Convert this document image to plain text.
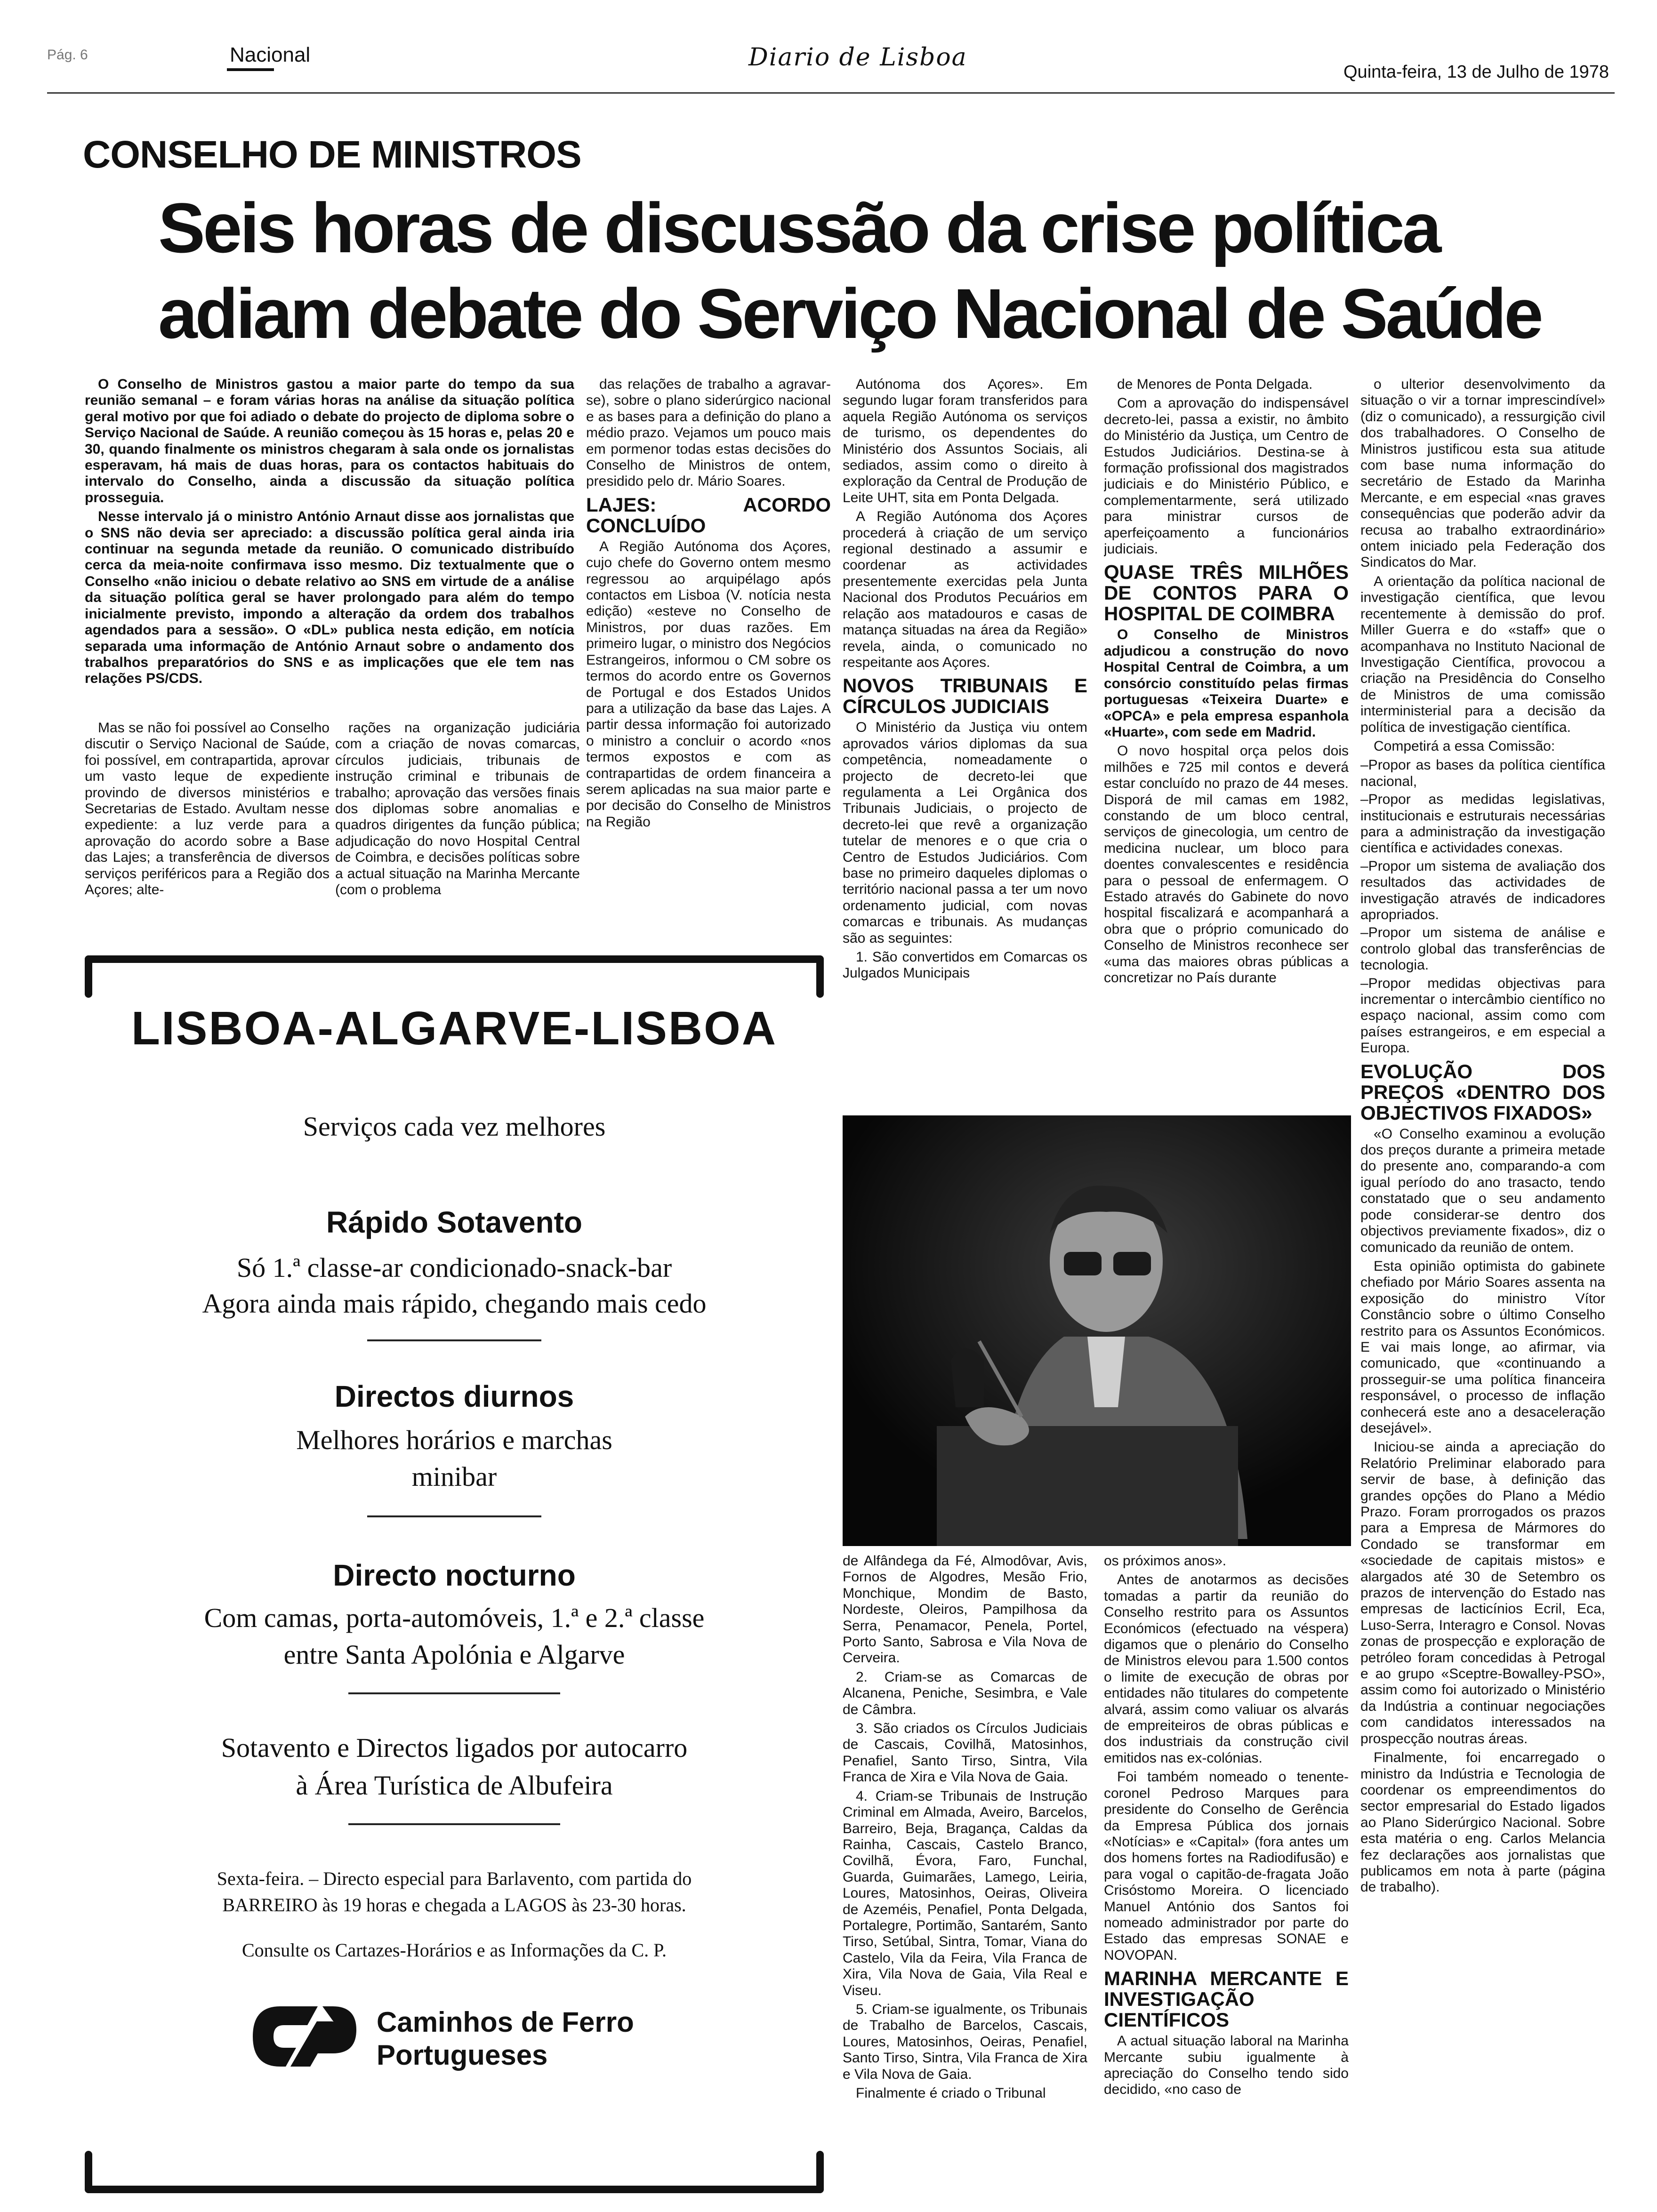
Pág. 6	Nacional	Diario de Lisboa
Quinta-feira, 13 de Julho de 1978
CONSELHO DE MINISTROS
Seis horas de discussão da crise política
adiam debate do Serviço Nacional de Saúde

O Conselho de Ministros gastou a maior parte do tempo da sua reunião semanal – e foram várias horas na análise da situação política geral motivo por que foi adiado o debate do projecto de diploma sobre o Serviço Nacional de Saúde. A reunião começou às 15 horas e, pelas 20 e 30, quando finalmente os ministros chegaram à sala onde os jornalistas esperavam, há mais de duas horas, para os contactos habituais do intervalo do Conselho, ainda a discussão da situação política prosseguia.

Nesse intervalo já o ministro António Arnaut disse aos jornalistas que o SNS não devia ser apreciado: a discussão política geral ainda iria continuar na segunda metade da reunião. O comunicado distribuído cerca da meia-noite confirmava isso mesmo. Diz textualmente que o Conselho «não iniciou o debate relativo ao SNS em virtude de a análise da situação política geral se haver prolongado para além do tempo inicialmente previsto, impondo a alteração da ordem dos trabalhos agendados para a sessão». O «DL» publica nesta edição, em notícia separada uma informação de António Arnaut sobre o andamento dos trabalhos preparatórios do SNS e as implicações que ele tem nas relações PS/CDS.

Mas se não foi possível ao Conselho discutir o Serviço Nacional de Saúde, foi possível, em contrapartida, aprovar um vasto leque de expediente provindo de diversos ministérios e Secretarias de Estado. Avultam nesse expediente: a luz verde para a aprovação do acordo sobre a Base das Lajes; a transferência de diversos serviços periféricos para a Região dos Açores; alte-

rações na organização judiciária com a criação de novas comarcas, círculos judiciais, tribunais de instrução criminal e tribunais de trabalho; aprovação das versões finais dos diplomas sobre anomalias e quadros dirigentes da função pública; adjudicação do novo Hospital Central de Coimbra, e decisões políticas sobre a actual situação na Marinha Mercante (com o problema

das relações de trabalho a agravar-se), sobre o plano siderúrgico nacional e as bases para a definição do plano a médio prazo. Vejamos um pouco mais em pormenor todas estas decisões do Conselho de Ministros de ontem, presidido pelo dr. Mário Soares.

LAJES: ACORDO CONCLUÍDO

A Região Autónoma dos Açores, cujo chefe do Governo ontem mesmo regressou ao arquipélago após contactos em Lisboa (V. notícia nesta edição) «esteve no Conselho de Ministros, por duas razões. Em primeiro lugar, o ministro dos Negócios Estrangeiros, informou o CM sobre os termos do acordo entre os Governos de Portugal e dos Estados Unidos para a utilização da base das Lajes. A partir dessa informação foi autorizado o ministro a concluir o acordo «nos termos expostos e com as contrapartidas de ordem financeira a serem aplicadas na sua maior parte e por decisão do Conselho de Ministros na Região

Autónoma dos Açores». Em segundo lugar foram transferidos para aquela Região Autónoma os serviços de turismo, os dependentes do Ministério dos Assuntos Sociais, ali sediados, assim como o direito à exploração da Central de Produção de Leite UHT, sita em Ponta Delgada.

A Região Autónoma dos Açores procederá à criação de um serviço regional destinado a assumir e coordenar as actividades presentemente exercidas pela Junta Nacional dos Produtos Pecuários em relação aos matadouros e casas de matança situadas na área da Região» revela, ainda, o comunicado no respeitante aos Açores.

NOVOS TRIBUNAIS E CÍRCULOS JUDICIAIS

O Ministério da Justiça viu ontem aprovados vários diplomas da sua competência, nomeadamente o projecto de decreto-lei que regulamenta a Lei Orgânica dos Tribunais Judiciais, o projecto de decreto-lei que revê a organização tutelar de menores e o que cria o Centro de Estudos Judiciários. Com base no primeiro daqueles diplomas o território nacional passa a ter um novo ordenamento judicial, com novas comarcas e tribunais. As mudanças são as seguintes:

1. São convertidos em Comarcas os Julgados Municipais

de Menores de Ponta Delgada.

Com a aprovação do indispensável decreto-lei, passa a existir, no âmbito do Ministério da Justiça, um Centro de Estudos Judiciários. Destina-se à formação profissional dos magistrados judiciais e do Ministério Público, e complementarmente, será utilizado para ministrar cursos de aperfeiçoamento a funcionários judiciais.

QUASE TRÊS MILHÕES DE CONTOS PARA O HOSPITAL DE COIMBRA

O Conselho de Ministros adjudicou a construção do novo Hospital Central de Coimbra, a um consórcio constituído pelas firmas portuguesas «Teixeira Duarte» e «OPCA» e pela empresa espanhola «Huarte», com sede em Madrid.

O novo hospital orça pelos dois milhões e 725 mil contos e deverá estar concluído no prazo de 44 meses. Disporá de mil camas em 1982, constando de um bloco central, serviços de ginecologia, um centro de medicina nuclear, um bloco para doentes convalescentes e residência para o pessoal de enfermagem. O Estado através do Gabinete do novo hospital fiscalizará e acompanhará a obra que o próprio comunicado do Conselho de Ministros reconhece ser «uma das maiores obras públicas a concretizar no País durante

o ulterior desenvolvimento da situação o vir a tornar imprescindível» (diz o comunicado), a ressurgição civil dos trabalhadores. O Conselho de Ministros justificou esta sua atitude com base numa informação do secretário de Estado da Marinha Mercante, e em especial «nas graves consequências que poderão advir da recusa ao trabalho extraordinário» ontem iniciado pela Federação dos Sindicatos do Mar.

A orientação da política nacional de investigação científica, que levou recentemente à demissão do prof. Miller Guerra e do «staff» que o acompanhava no Instituto Nacional de Investigação Científica, provocou a criação na Presidência do Conselho de Ministros de uma comissão interministerial para a decisão da política de investigação científica.

Competirá a essa Comissão:

–Propor as bases da política científica nacional,
–Propor as medidas legislativas, institucionais e estruturais necessárias para a administração da investigação científica e actividades conexas.
–Propor um sistema de avaliação dos resultados das actividades de investigação através de indicadores apropriados.
–Propor um sistema de análise e controlo global das transferências de tecnologia.
–Propor medidas objectivas para incrementar o intercâmbio científico no espaço nacional, assim como com países estrangeiros, e em especial a Europa.
EVOLUÇÃO DOS PREÇOS «DENTRO DOS OBJECTIVOS FIXADOS»

«O Conselho examinou a evolução dos preços durante a primeira metade do presente ano, comparando-a com igual período do ano trasacto, tendo constatado que o seu andamento pode considerar-se dentro dos objectivos previamente fixados», diz o comunicado da reunião de ontem.

Esta opinião optimista do gabinete chefiado por Mário Soares assenta na exposição do ministro Vítor Constâncio sobre o último Conselho restrito para os Assuntos Económicos. E vai mais longe, ao afirmar, via comunicado, que «continuando a prosseguir-se uma política financeira responsável, o processo de inflação conhecerá este ano a desaceleração desejável».

Iniciou-se ainda a apreciação do Relatório Preliminar elaborado para servir de base, à definição das grandes opções do Plano a Médio Prazo. Foram prorrogados os prazos para a Empresa de Mármores do Condado se transformar em «sociedade de capitais mistos» e alargados até 30 de Setembro os prazos de intervenção do Estado nas empresas de lacticínios Ecril, Eca, Luso-Serra, Interagro e Consol. Novas zonas de prospecção e exploração de petróleo foram concedidas à Petrogal e ao grupo «Sceptre-Bowalley-PSO», assim como foi autorizado o Ministério da Indústria a continuar negociações com candidatos interessados na prospecção noutras áreas.

Finalmente, foi encarregado o ministro da Indústria e Tecnologia de coordenar os empreendimentos do sector empresarial do Estado ligados ao Plano Siderúrgico Nacional. Sobre esta matéria o eng. Carlos Melancia fez declarações aos jornalistas que publicamos em nota à parte (página de trabalho).

de Alfândega da Fé, Almodôvar, Avis, Fornos de Algodres, Mesão Frio, Monchique, Mondim de Basto, Nordeste, Oleiros, Pampilhosa da Serra, Penamacor, Penela, Portel, Porto Santo, Sabrosa e Vila Nova de Cerveira.

2. Criam-se as Comarcas de Alcanena, Peniche, Sesimbra, e Vale de Câmbra.

3. São criados os Círculos Judiciais de Cascais, Covilhã, Matosinhos, Penafiel, Santo Tirso, Sintra, Vila Franca de Xira e Vila Nova de Gaia.

4. Criam-se Tribunais de Instrução Criminal em Almada, Aveiro, Barcelos, Barreiro, Beja, Bragança, Caldas da Rainha, Cascais, Castelo Branco, Covilhã, Évora, Faro, Funchal, Guarda, Guimarães, Lamego, Leiria, Loures, Matosinhos, Oeiras, Oliveira de Azeméis, Penafiel, Ponta Delgada, Portalegre, Portimão, Santarém, Santo Tirso, Setúbal, Sintra, Tomar, Viana do Castelo, Vila da Feira, Vila Franca de Xira, Vila Nova de Gaia, Vila Real e Viseu.

5. Criam-se igualmente, os Tribunais de Trabalho de Barcelos, Cascais, Loures, Matosinhos, Oeiras, Penafiel, Santo Tirso, Sintra, Vila Franca de Xira e Vila Nova de Gaia.

Finalmente é criado o Tribunal

os próximos anos».

Antes de anotarmos as decisões tomadas a partir da reunião do Conselho restrito para os Assuntos Económicos (efectuado na véspera) digamos que o plenário do Conselho de Ministros elevou para 1.500 contos o limite de execução de obras por entidades não titulares do competente alvará, assim como valiuar os alvarás de empreiteiros de obras públicas e dos industriais da construção civil emitidos nas ex-colónias.

Foi também nomeado o tenente-coronel Pedroso Marques para presidente do Conselho de Gerência da Empresa Pública dos jornais «Notícias» e «Capital» (fora antes um dos homens fortes na Radiodifusão) e para vogal o capitão-de-fragata João Crisóstomo Moreira. O licenciado Manuel António dos Santos foi nomeado administrador por parte do Estado das empresas SONAE e NOVOPAN.

MARINHA MERCANTE E INVESTIGAÇÃO CIENTÍFICOS

A actual situação laboral na Marinha Mercante subiu igualmente à apreciação do Conselho tendo sido decidido, «no caso de

LISBOA-ALGARVE-LISBOA
Serviços cada vez melhores
Rápido Sotavento
Só 1.ª classe-ar condicionado-snack-bar
Agora ainda mais rápido, chegando mais cedo
Directos diurnos
Melhores horários e marchas
minibar
Directo nocturno
Com camas, porta-automóveis, 1.ª e 2.ª classe
entre Santa Apolónia e Algarve
Sotavento e Directos ligados por autocarro
à Área Turística de Albufeira
Sexta-feira. – Directo especial para Barlavento, com partida do
BARREIRO às 19 horas e chegada a LAGOS às 23-30 horas.
Consulte os Cartazes-Horários e as Informações da C. P.
Caminhos de Ferro
Portugueses
